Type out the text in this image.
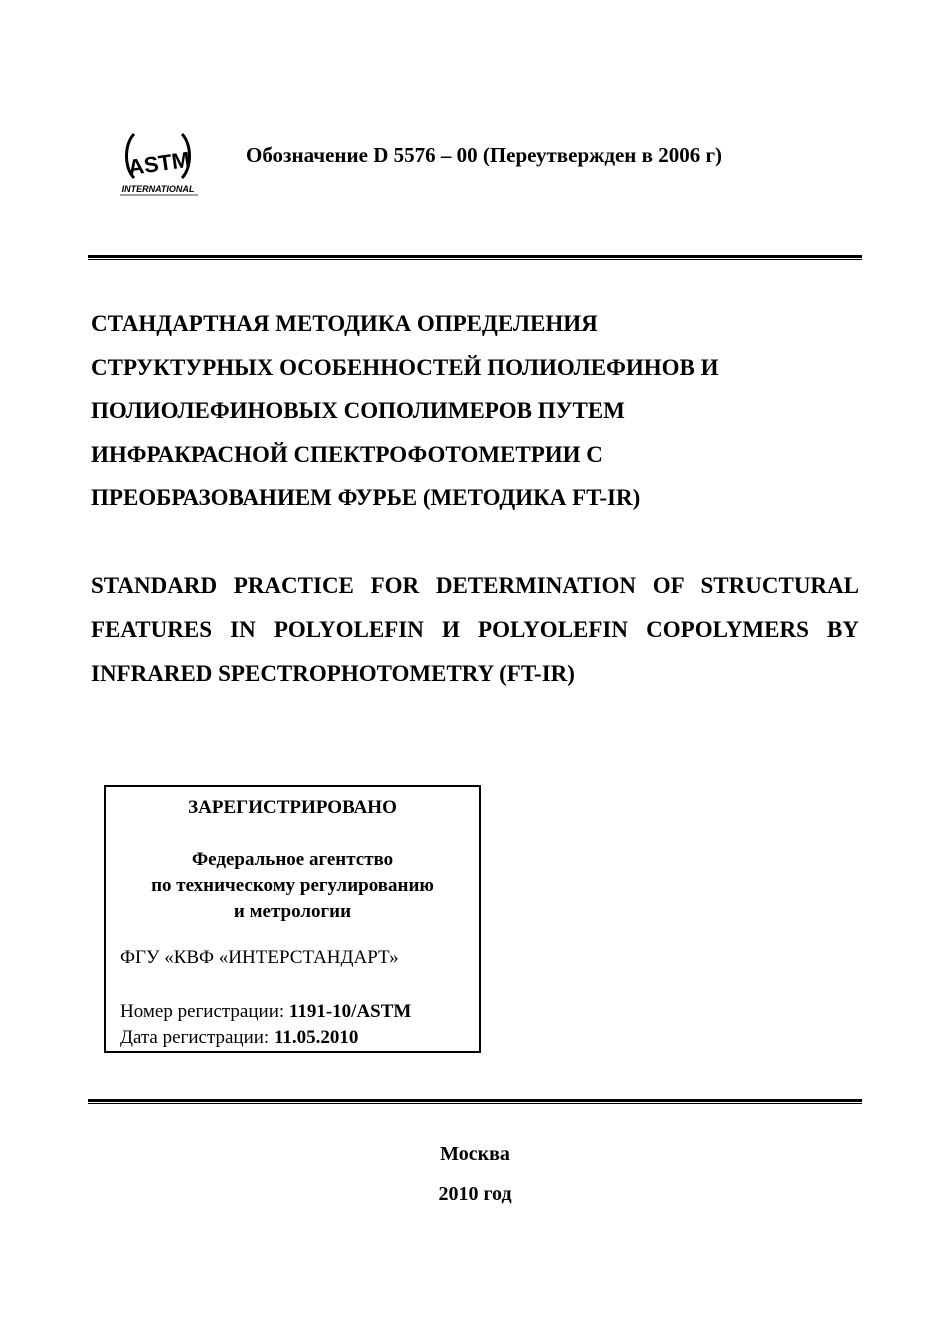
ASTM
INTERNATIONAL
Обозначение D 5576 – 00 (Переутвержден в 2006 г)
СТАНДАРТНАЯ МЕТОДИКА ОПРЕДЕЛЕНИЯ
СТРУКТУРНЫХ ОСОБЕННОСТЕЙ ПОЛИОЛЕФИНОВ И
ПОЛИОЛЕФИНОВЫХ СОПОЛИМЕРОВ ПУТЕМ
ИНФРАКРАСНОЙ СПЕКТРОФОТОМЕТРИИ С
ПРЕОБРАЗОВАНИЕМ ФУРЬЕ (МЕТОДИКА FT-IR)
STANDARD PRACTICE FOR DETERMINATION OF STRUCTURAL FEATURES IN POLYOLEFIN И POLYOLEFIN COPOLYMERS BY INFRARED SPECTROPHOTOMETRY (FT-IR)
ЗАРЕГИСТРИРОВАНО
Федеральное агентство
по техническому регулированию
и метрологии
ФГУ «КВФ «ИНТЕРСТАНДАРТ»
Номер регистрации: 1191-10/ASTM
Дата регистрации: 11.05.2010
Москва
2010 год
